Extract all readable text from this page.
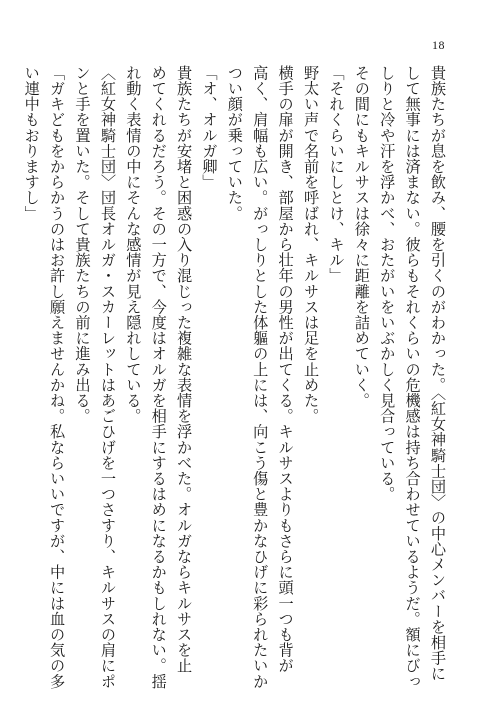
18
貴族たちが息を飲み、腰を引くのがわかった。〈紅女神騎士団〉の中心メンバーを相手に
して無事には済まない。彼らもそれくらいの危機感は持ち合わせているようだ。額にびっ
しりと冷や汗を浮かべ、おたがいをいぶかしく見合っている。
その間にもキルサスは徐々に距離を詰めていく。
「それくらいにしとけ、キル」
野太い声で名前を呼ばれ、キルサスは足を止めた。
横手の扉が開き、部屋から壮年の男性が出てくる。キルサスよりもさらに頭一つも背が
高く、肩幅も広い。がっしりとした体軀の上には、向こう傷と豊かなひげに彩られたいか
つい顔が乗っていた。
「オ、オルガ卿」
貴族たちが安堵と困惑の入り混じった複雑な表情を浮かべた。オルガならキルサスを止
めてくれるだろう。その一方で、今度はオルガを相手にするはめになるかもしれない。揺
れ動く表情の中にそんな感情が見え隠れしている。
〈紅女神騎士団〉団長オルガ・スカーレットはあごひげを一つさすり、キルサスの肩にポ
ンと手を置いた。そして貴族たちの前に進み出る。
「ガキどもをからかうのはお許し願えませんかね。私ならいいですが、中には血の気の多
い連中もおりますし」
